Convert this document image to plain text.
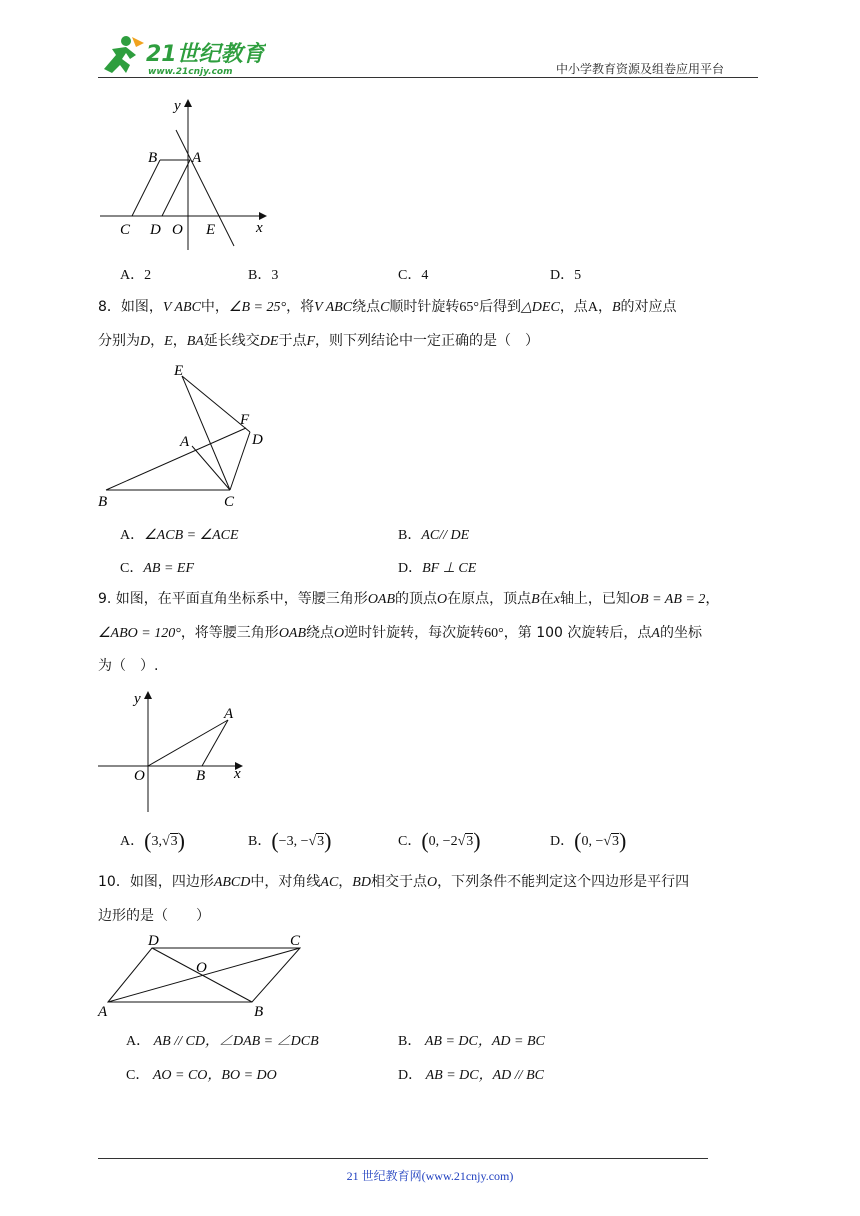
21世纪教育
www.21cnjy.com	中小学教育资源及组卷应用平台
y
B A
C D O E	x
A．2	B．3	C．4	D．5
8．如图，V ABC中，∠B = 25°，将V ABC绕点C顺时针旋转65°后得到△DEC，点A，B的对应点
分别为D，E，BA延长线交DE于点F，则下列结论中一定正确的是（　）
E
F
A	D
B	C
A．∠ACB = ∠ACE	B．AC// DE
C．AB = EF	D．BF ⊥ CE
9. 如图，在平面直角坐标系中，等腰三角形OAB的顶点O在原点，顶点B在x轴上，已知OB = AB = 2，
∠ABO = 120°，将等腰三角形OAB绕点O逆时针旋转，每次旋转60°，第 100 次旋转后，点A的坐标
为（　）.
y
A
O	B x
A．(3,√3)	B．(−3, −√3)	C．(0, −2√3)	D．(0, −√3)
10．如图，四边形ABCD中，对角线AC，BD相交于点O，下列条件不能判定这个四边形是平行四
边形的是（　　）
D	C
O
A	B
A． AB // CD，∠DAB = ∠DCB	B． AB = DC，AD = BC
C． AO = CO，BO = DO	D． AB = DC，AD // BC
21 世纪教育网(www.21cnjy.com)
